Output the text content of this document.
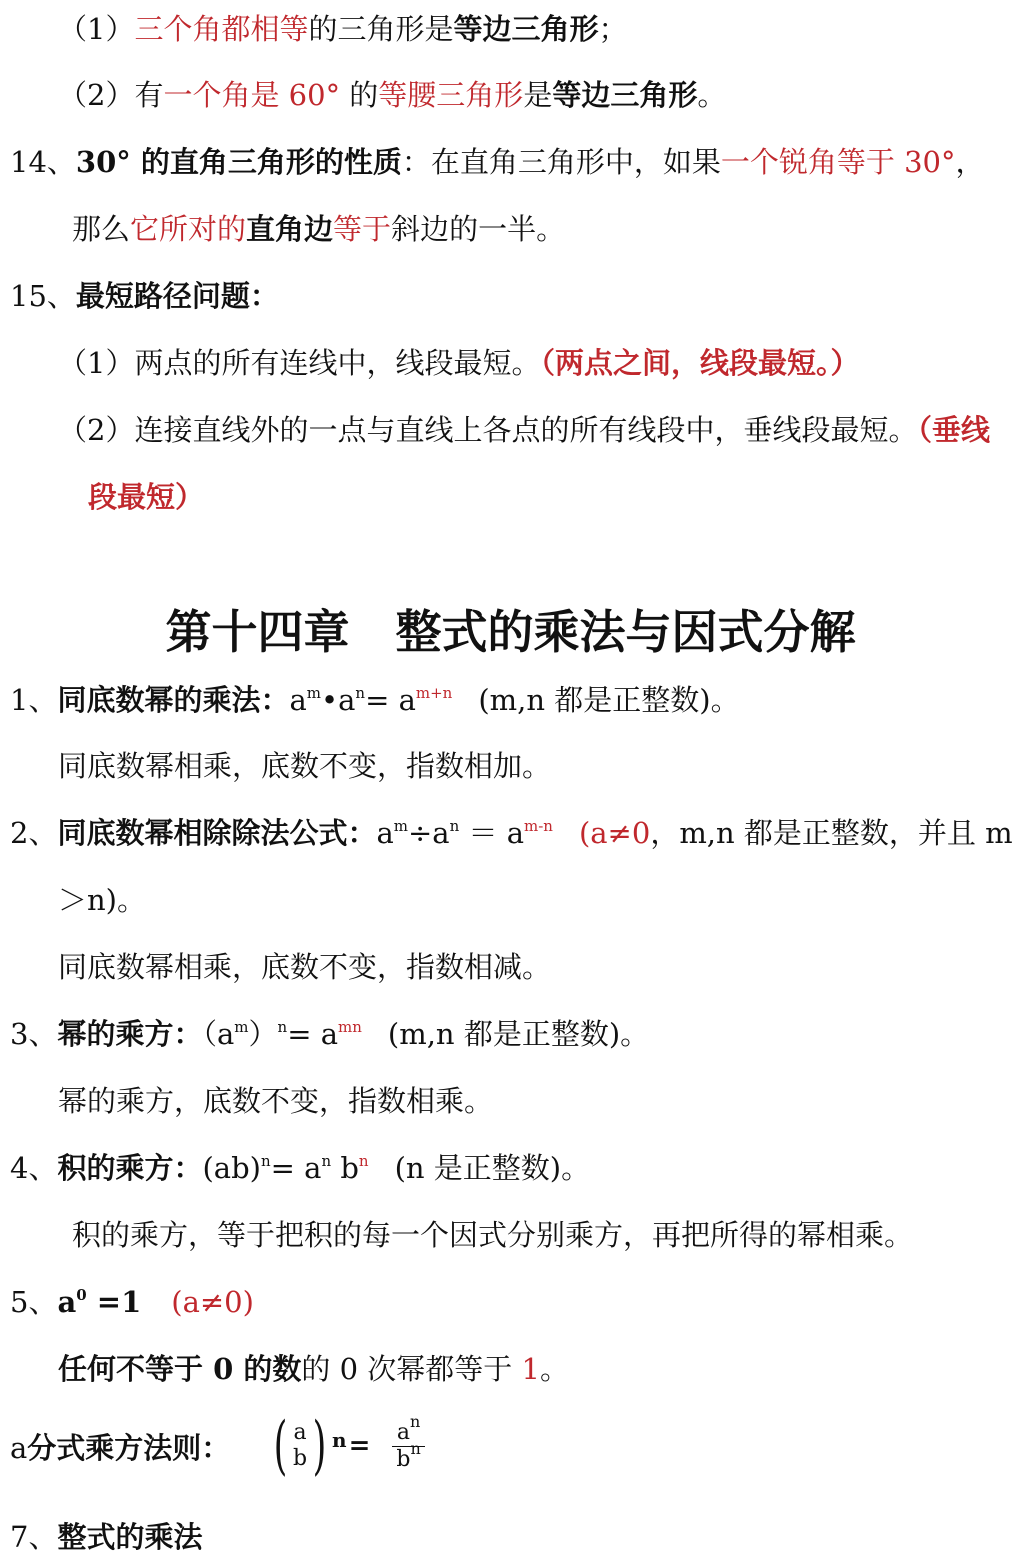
（1）三个角都相等的三角形是等边三角形；
（2）有一个角是 60° 的等腰三角形是等边三角形。
14、30° 的直角三角形的性质：在直角三角形中，如果一个锐角等于 30°，
那么它所对的直角边等于斜边的一半。
15、最短路径问题：
（1）两点的所有连线中，线段最短。（两点之间，线段最短。）
（2）连接直线外的一点与直线上各点的所有线段中，垂线段最短。（垂线
段最短）
第十四章　整式的乘法与因式分解
1、同底数幂的乘法：$a^m•a^n= a^{m+n}$ (m,n 都是正整数)。
同底数幂相乘，底数不变，指数相加。
2、同底数幂相除除法公式：$a^m\div a^n = a^{m-n}$ (a≠0，m,n 都是正整数，并且 m
＞n)。
同底数幂相乘，底数不变，指数相减。
3、幂的乘方：$(a^m)^n= a^{mn}$ (m,n 都是正整数)。
幂的乘方，底数不变，指数相乘。
4、积的乘方：$(ab)^n= a^n$ $b^n$ (n 是正整数)。
积的乘方，等于把积的每一个因式分别乘方，再把所得的幂相乘。
5、$a^0 =1$ (a≠0)
任何不等于 0 的数的 0 次幂都等于 1。
a分式乘方法则： ( a
b ) $n= \frac{a^n}{b^n}$
7、整式的乘法
